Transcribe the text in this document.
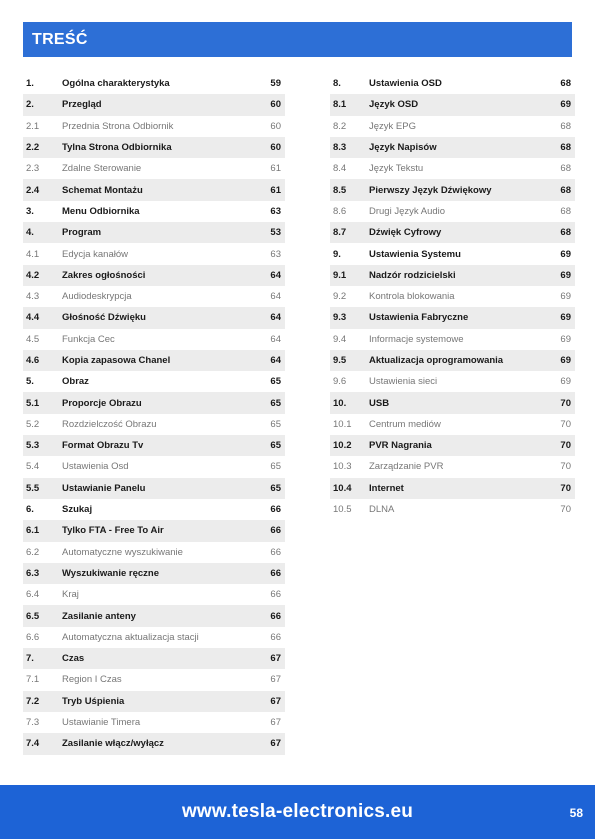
TREŚĆ
1.	Ogólna charakterystyka	59
2.	Przegląd	60
2.1	Przednia Strona Odbiornik	60
2.2	Tylna Strona Odbiornika	60
2.3	Zdalne Sterowanie	61
2.4	Schemat Montażu	61
3.	Menu Odbiornika	63
4.	Program	53
4.1	Edycja kanałów	63
4.2	Zakres ogłośności	64
4.3	Audiodeskrypcja	64
4.4	Głośność Dźwięku	64
4.5	Funkcja Cec	64
4.6	Kopia zapasowa Chanel	64
5.	Obraz	65
5.1	Proporcje Obrazu	65
5.2	Rozdzielczość Obrazu	65
5.3	Format Obrazu Tv	65
5.4	Ustawienia Osd	65
5.5	Ustawianie Panelu	65
6.	Szukaj	66
6.1	Tylko FTA - Free To Air	66
6.2	Automatyczne wyszukiwanie	66
6.3	Wyszukiwanie ręczne	66
6.4	Kraj	66
6.5	Zasilanie anteny	66
6.6	Automatyczna aktualizacja stacji	66
7.	Czas	67
7.1	Region I Czas	67
7.2	Tryb Uśpienia	67
7.3	Ustawianie Timera	67
7.4	Zasilanie włącz/wyłącz	67
8.	Ustawienia OSD	68
8.1	Język OSD	69
8.2	Język EPG	68
8.3	Język Napisów	68
8.4	Język Tekstu	68
8.5	Pierwszy Język Dźwiękowy	68
8.6	Drugi Język Audio	68
8.7	Dźwięk Cyfrowy	68
9.	Ustawienia Systemu	69
9.1	Nadzór rodzicielski	69
9.2	Kontrola blokowania	69
9.3	Ustawienia Fabryczne	69
9.4	Informacje systemowe	69
9.5	Aktualizacja oprogramowania	69
9.6	Ustawienia sieci	69
10.	USB	70
10.1	Centrum mediów	70
10.2	PVR Nagrania	70
10.3	Zarządzanie PVR	70
10.4	Internet	70
10.5	DLNA	70
www.tesla-electronics.eu	58
